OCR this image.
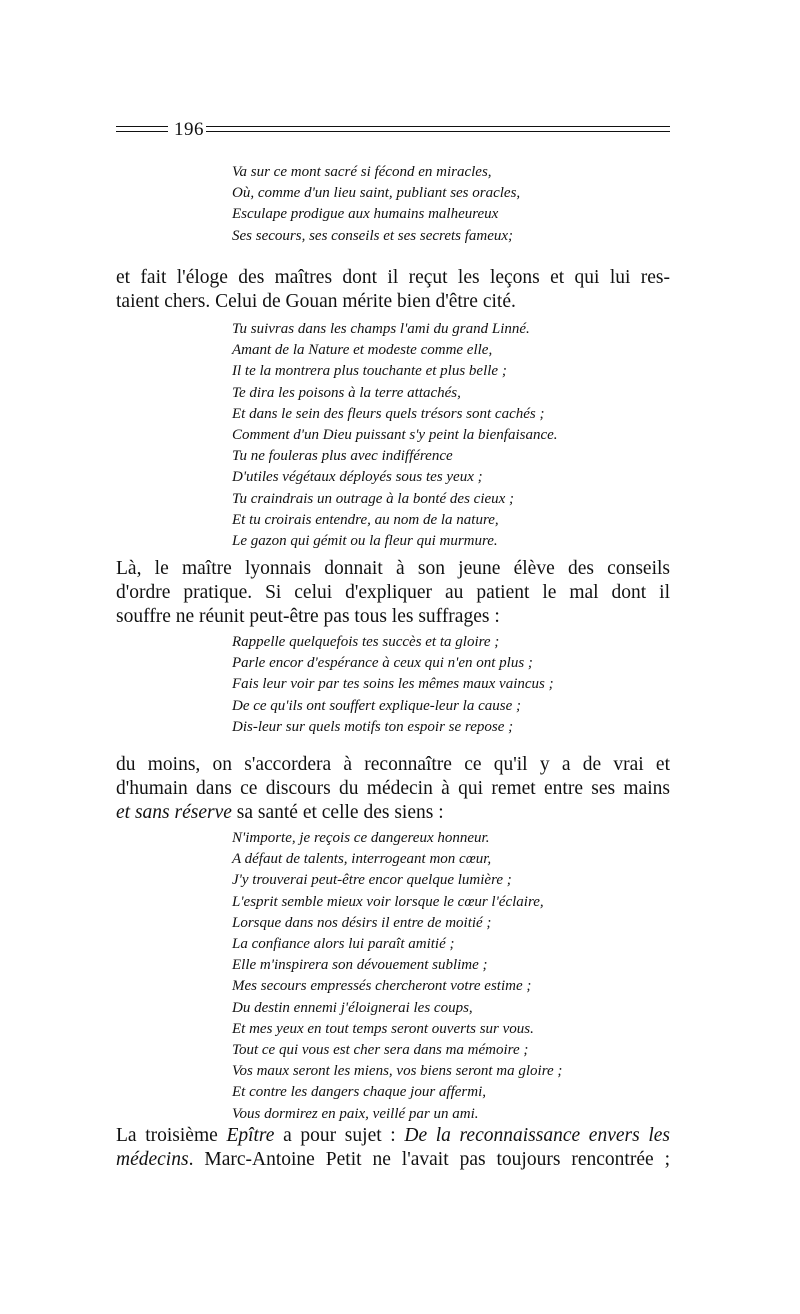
196
Va sur ce mont sacré si fécond en miracles,
Où, comme d'un lieu saint, publiant ses oracles,
Esculape prodigue aux humains malheureux
Ses secours, ses conseils et ses secrets fameux;
et fait l'éloge des maîtres dont il reçut les leçons et qui lui res-
taient chers. Celui de Gouan mérite bien d'être cité.
Tu suivras dans les champs l'ami du grand Linné.
Amant de la Nature et modeste comme elle,
Il te la montrera plus touchante et plus belle ;
Te dira les poisons à la terre attachés,
Et dans le sein des fleurs quels trésors sont cachés ;
Comment d'un Dieu puissant s'y peint la bienfaisance.
Tu ne fouleras plus avec indifférence
D'utiles végétaux déployés sous tes yeux ;
Tu craindrais un outrage à la bonté des cieux ;
Et tu croirais entendre, au nom de la nature,
Le gazon qui gémit ou la fleur qui murmure.
Là, le maître lyonnais donnait à son jeune élève des conseils
d'ordre pratique. Si celui d'expliquer au patient le mal dont il
souffre ne réunit peut-être pas tous les suffrages :
Rappelle quelquefois tes succès et ta gloire ;
Parle encor d'espérance à ceux qui n'en ont plus ;
Fais leur voir par tes soins les mêmes maux vaincus ;
De ce qu'ils ont souffert explique-leur la cause ;
Dis-leur sur quels motifs ton espoir se repose ;
du moins, on s'accordera à reconnaître ce qu'il y a de vrai et
d'humain dans ce discours du médecin à qui remet entre ses mains
et sans réserve sa santé et celle des siens :
N'importe, je reçois ce dangereux honneur.
A défaut de talents, interrogeant mon cœur,
J'y trouverai peut-être encor quelque lumière ;
L'esprit semble mieux voir lorsque le cœur l'éclaire,
Lorsque dans nos désirs il entre de moitié ;
La confiance alors lui paraît amitié ;
Elle m'inspirera son dévouement sublime ;
Mes secours empressés chercheront votre estime ;
Du destin ennemi j'éloignerai les coups,
Et mes yeux en tout temps seront ouverts sur vous.
Tout ce qui vous est cher sera dans ma mémoire ;
Vos maux seront les miens, vos biens seront ma gloire ;
Et contre les dangers chaque jour affermi,
Vous dormirez en paix, veillé par un ami.
La troisième Epître a pour sujet : De la reconnaissance envers les
médecins. Marc-Antoine Petit ne l'avait pas toujours rencontrée ;
